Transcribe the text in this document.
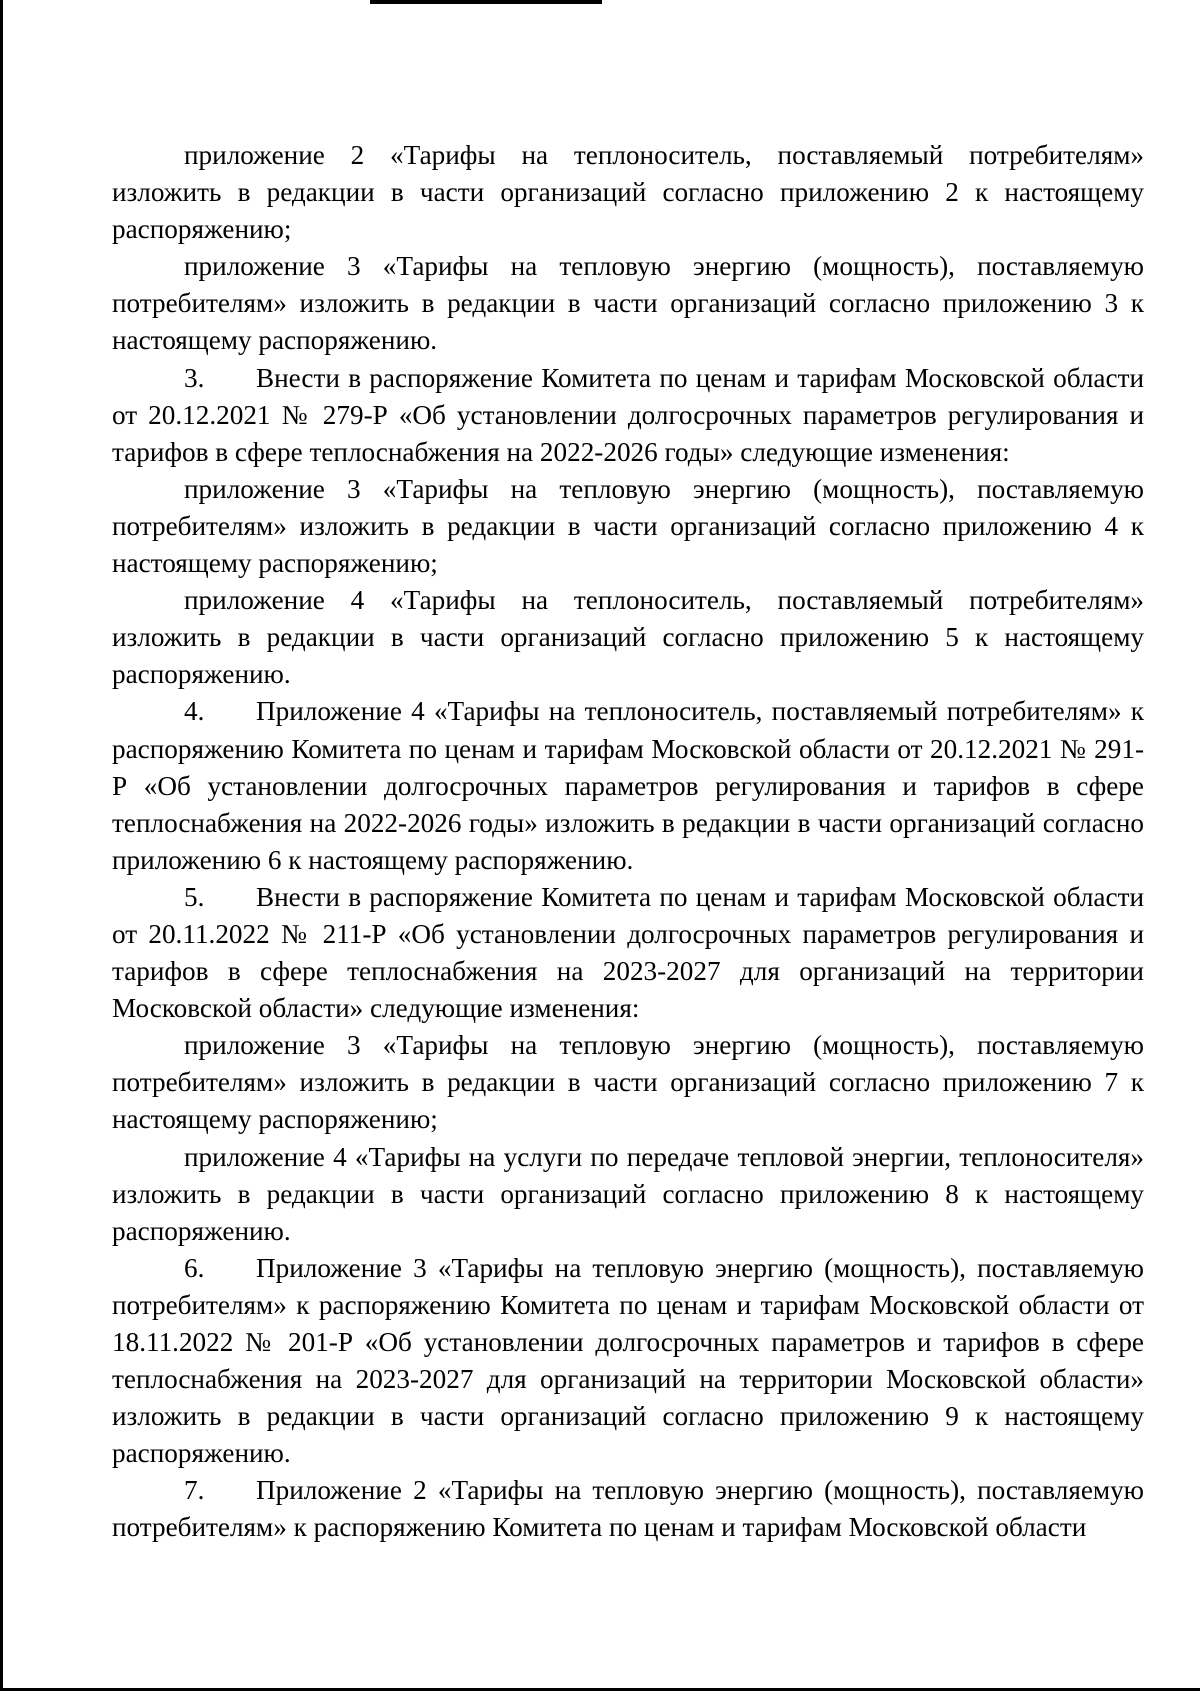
приложение 2 «Тарифы на теплоноситель, поставляемый потребителям» изложить в редакции в части организаций согласно приложению 2 к настоящему распоряжению;

приложение 3 «Тарифы на тепловую энергию (мощность), поставляемую потребителям» изложить в редакции в части организаций согласно приложению 3 к настоящему распоряжению.

3. Внести в распоряжение Комитета по ценам и тарифам Московской области от 20.12.2021 № 279-Р «Об установлении долгосрочных параметров регулирования и тарифов в сфере теплоснабжения на 2022-2026 годы» следующие изменения:

приложение 3 «Тарифы на тепловую энергию (мощность), поставляемую потребителям» изложить в редакции в части организаций согласно приложению 4 к настоящему распоряжению;

приложение 4 «Тарифы на теплоноситель, поставляемый потребителям» изложить в редакции в части организаций согласно приложению 5 к настоящему распоряжению.

4. Приложение 4 «Тарифы на теплоноситель, поставляемый потребителям» к распоряжению Комитета по ценам и тарифам Московской области от 20.12.2021 № 291-Р «Об установлении долгосрочных параметров регулирования и тарифов в сфере теплоснабжения на 2022-2026 годы» изложить в редакции в части организаций согласно приложению 6 к настоящему распоряжению.

5. Внести в распоряжение Комитета по ценам и тарифам Московской области от 20.11.2022 № 211-Р «Об установлении долгосрочных параметров регулирования и тарифов в сфере теплоснабжения на 2023-2027 для организаций на территории Московской области» следующие изменения:

приложение 3 «Тарифы на тепловую энергию (мощность), поставляемую потребителям» изложить в редакции в части организаций согласно приложению 7 к настоящему распоряжению;

приложение 4 «Тарифы на услуги по передаче тепловой энергии, теплоносителя» изложить в редакции в части организаций согласно приложению 8 к настоящему распоряжению.

6. Приложение 3 «Тарифы на тепловую энергию (мощность), поставляемую потребителям» к распоряжению Комитета по ценам и тарифам Московской области от 18.11.2022 № 201-Р «Об установлении долгосрочных параметров и тарифов в сфере теплоснабжения на 2023-2027 для организаций на территории Московской области» изложить в редакции в части организаций согласно приложению 9 к настоящему распоряжению.

7. Приложение 2 «Тарифы на тепловую энергию (мощность), поставляемую потребителям» к распоряжению Комитета по ценам и тарифам Московской области
